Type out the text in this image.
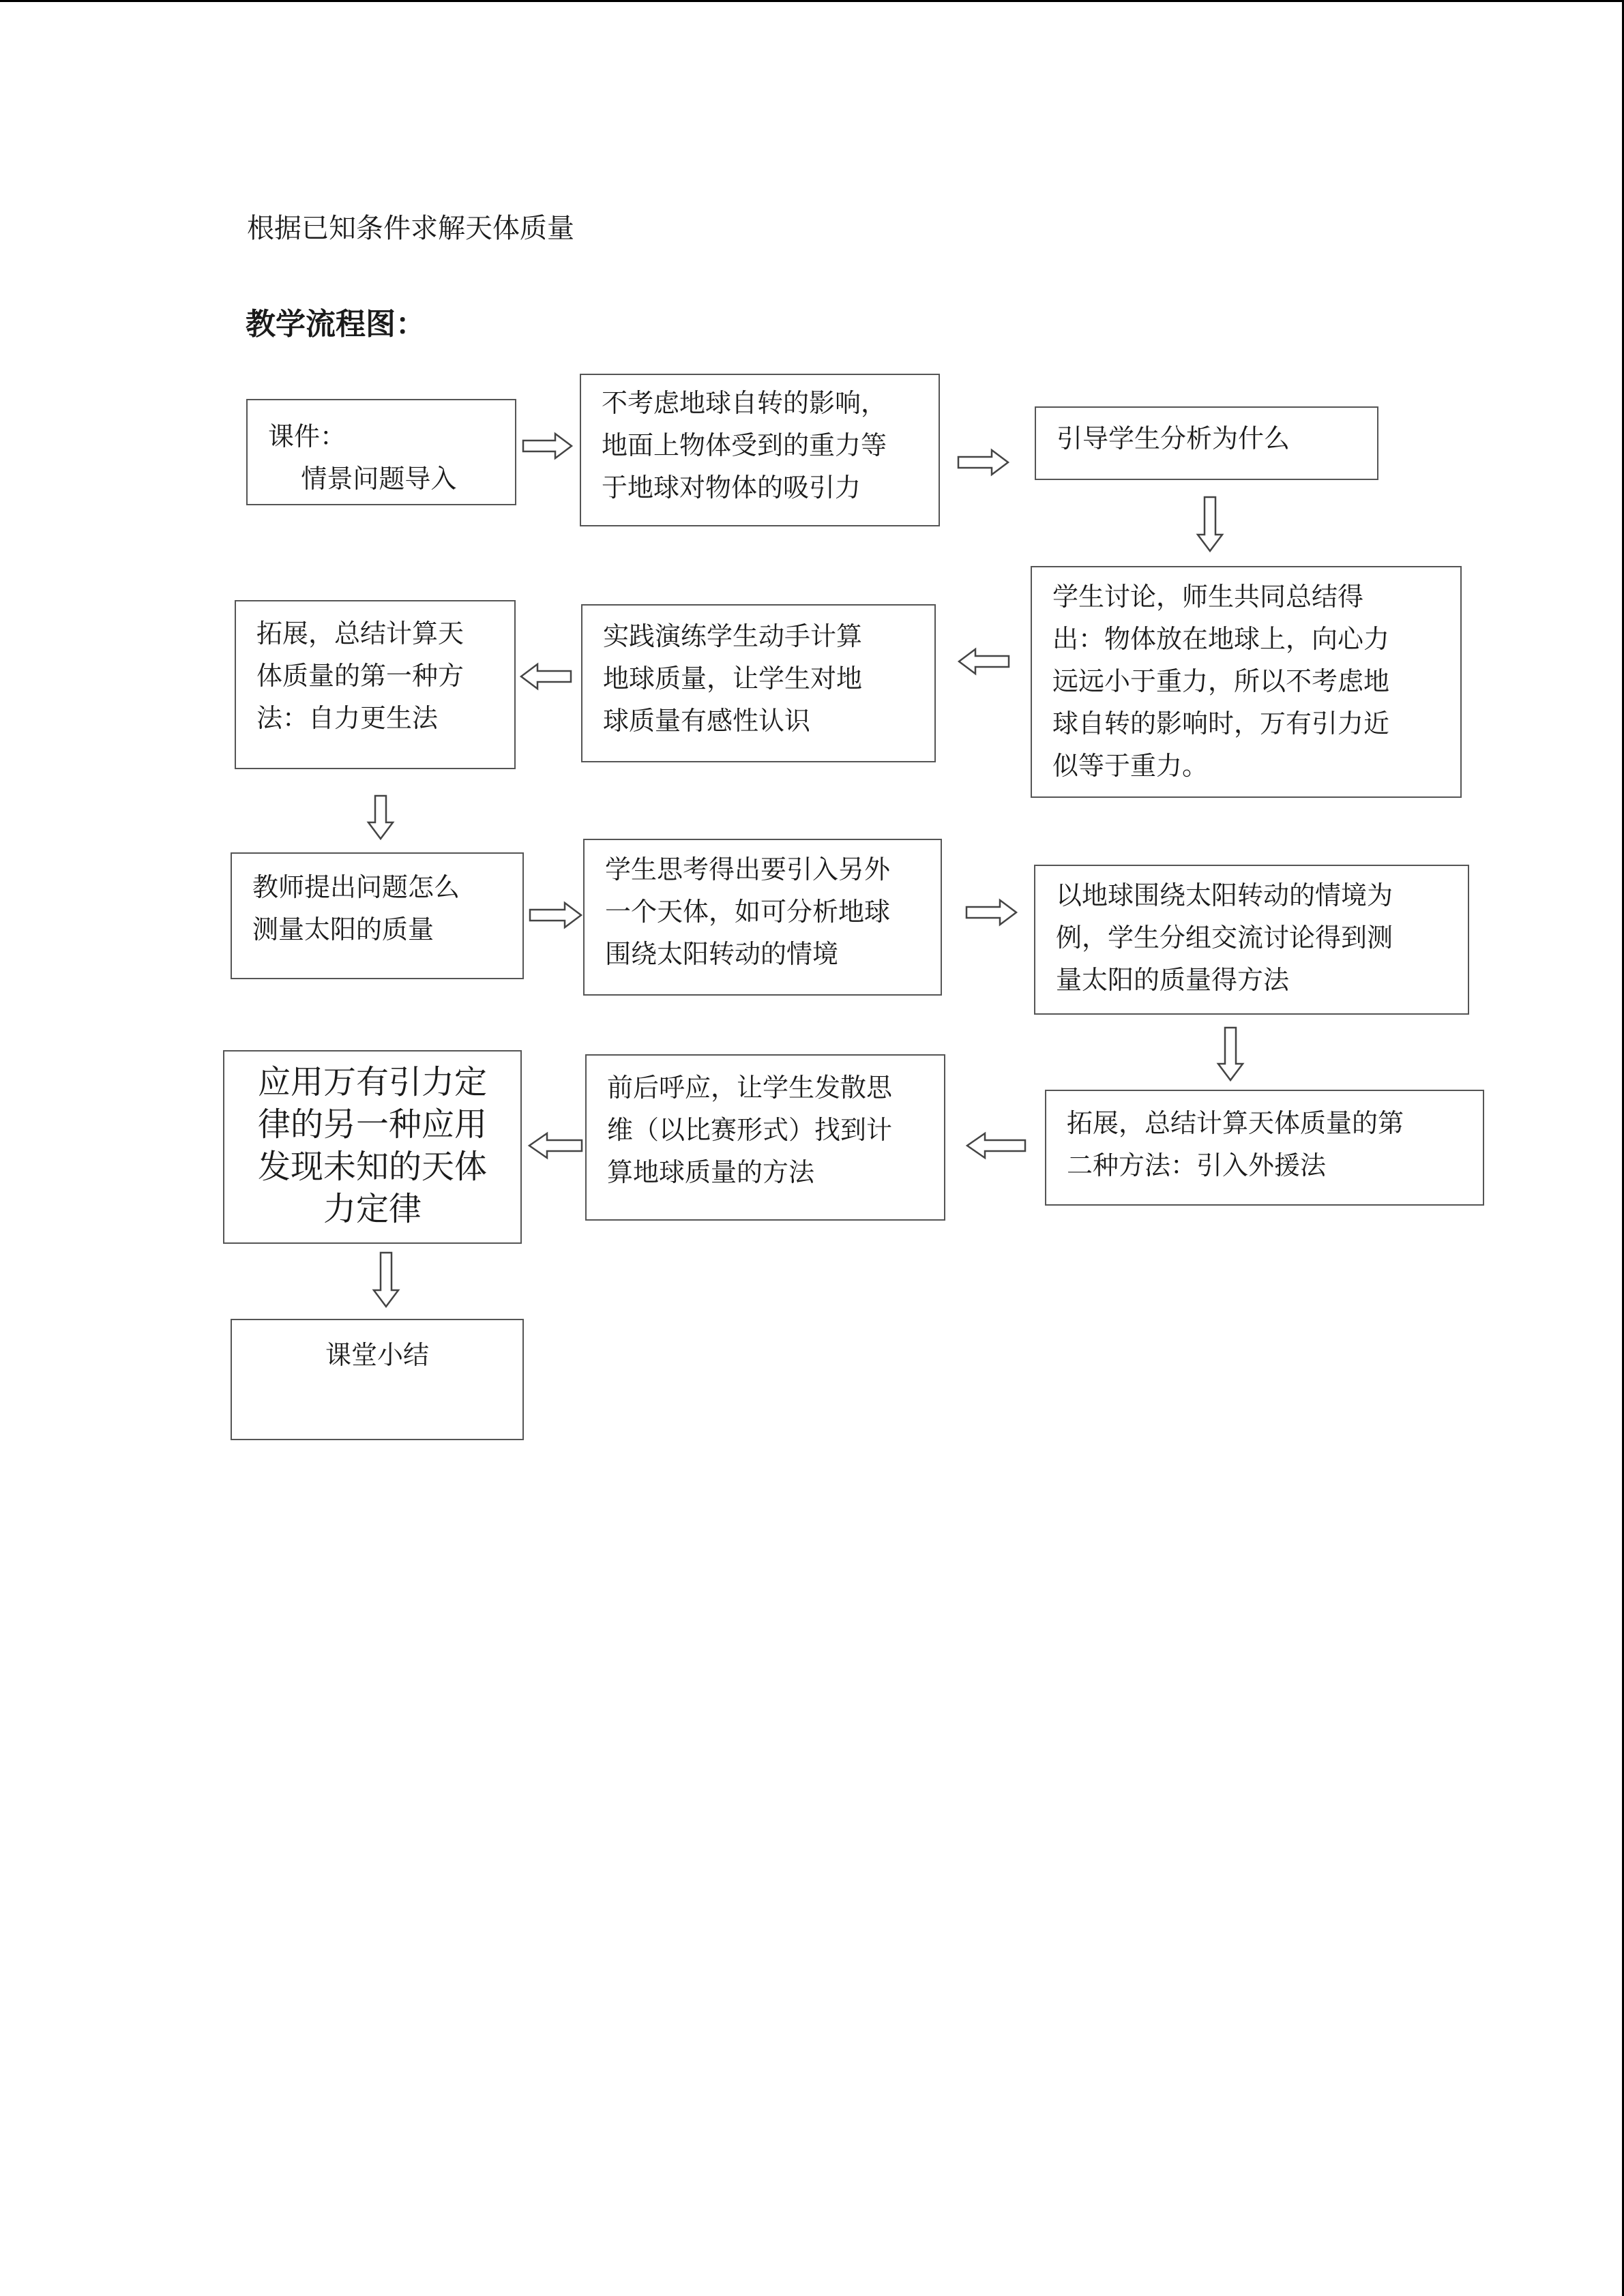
根据已知条件求解天体质量
教学流程图：
课件：
情景问题导入
不考虑地球自转的影响，
地面上物体受到的重力等
于地球对物体的吸引力
引导学生分析为什么
学生讨论，师生共同总结得
出：物体放在地球上，向心力
远远小于重力，所以不考虑地
球自转的影响时，万有引力近
似等于重力。
实践演练学生动手计算
地球质量，让学生对地
球质量有感性认识
拓展，总结计算天
体质量的第一种方
法：自力更生法
教师提出问题怎么
测量太阳的质量
学生思考得出要引入另外
一个天体，如可分析地球
围绕太阳转动的情境
以地球围绕太阳转动的情境为
例，学生分组交流讨论得到测
量太阳的质量得方法
拓展，总结计算天体质量的第
二种方法：引入外援法
前后呼应，让学生发散思
维（以比赛形式）找到计
算地球质量的方法
应用万有引力定
律的另一种应用
发现未知的天体
力定律
课堂小结
